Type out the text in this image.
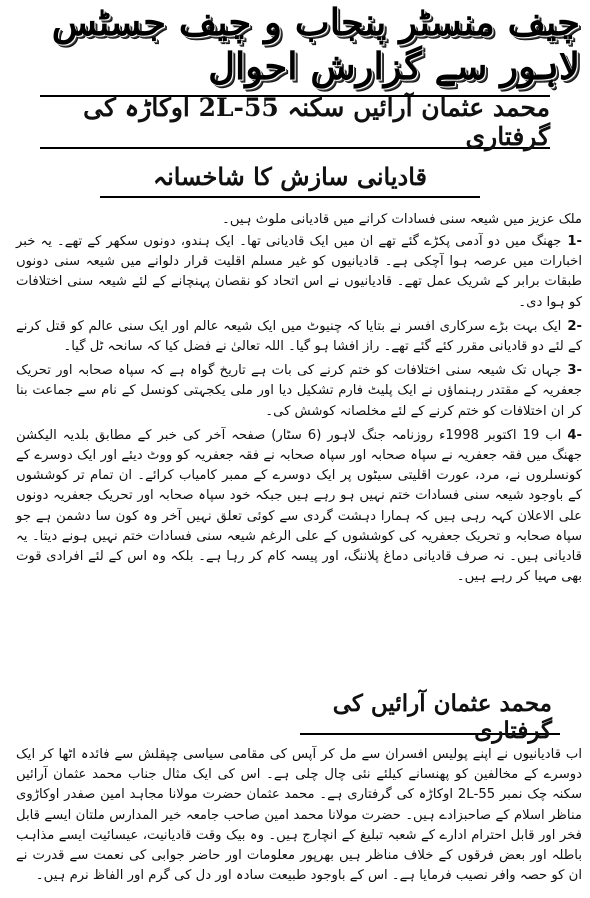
چیف منسٹر پنجاب و چیف جسٹس لاہور سے گزارش احوال
محمد عثمان آرائیں سکنہ 55-2L اوکاڑہ کی گرفتاری
قادیانی سازش کا شاخسانہ

ملک عزیز میں شیعہ سنی فسادات کرانے میں قادیانی ملوث ہیں۔

1-جھنگ میں دو آدمی پکڑے گئے تھے ان میں ایک قادیانی تھا۔ ایک ہندو، دونوں سکھر کے تھے۔ یہ خبر اخبارات میں عرصہ ہوا آچکی ہے۔ قادیانیوں کو غیر مسلم اقلیت قرار دلوانے میں شیعہ سنی دونوں طبقات برابر کے شریک عمل تھے۔ قادیانیوں نے اس اتحاد کو نقصان پہنچانے کے لئے شیعہ سنی اختلافات کو ہوا دی۔
2-ایک بہت بڑے سرکاری افسر نے بتایا کہ چنیوٹ میں ایک شیعہ عالم اور ایک سنی عالم کو قتل کرنے کے لئے دو قادیانی مقرر کئے گئے تھے۔ راز افشا ہو گیا۔ اللہ تعالیٰ نے فضل کیا کہ سانحہ ٹل گیا۔
3-جہاں تک شیعہ سنی اختلافات کو ختم کرنے کی بات ہے تاریخ گواہ ہے کہ سپاہ صحابہ اور تحریک جعفریہ کے مقتدر رہنماؤں نے ایک پلیٹ فارم تشکیل دیا اور ملی یکجہتی کونسل کے نام سے جماعت بنا کر ان اختلافات کو ختم کرنے کے لئے مخلصانہ کوشش کی۔
4-اب 19 اکتوبر 1998ء روزنامہ جنگ لاہور (6 سٹار) صفحہ آخر کی خبر کے مطابق بلدیہ الیکشن جھنگ میں فقہ جعفریہ نے سپاہ صحابہ اور سپاہ صحابہ نے فقہ جعفریہ کو ووٹ دیئے اور ایک دوسرے کے کونسلروں نے، مرد، عورت اقلیتی سیٹوں پر ایک دوسرے کے ممبر کامیاب کرائے۔ ان تمام تر کوششوں کے باوجود شیعہ سنی فسادات ختم نہیں ہو رہے ہیں جبکہ خود سپاہ صحابہ اور تحریک جعفریہ دونوں علی الاعلان کہہ رہی ہیں کہ ہمارا دہشت گردی سے کوئی تعلق نہیں آخر وہ کون سا دشمن ہے جو سپاہ صحابہ و تحریک جعفریہ کی کوششوں کے علی الرغم شیعہ سنی فسادات ختم نہیں ہونے دیتا۔ یہ قادیانی ہیں۔ نہ صرف قادیانی دماغ پلاننگ، اور پیسہ کام کر رہا ہے۔ بلکہ وہ اس کے لئے افرادی قوت بھی مہیا کر رہے ہیں۔
محمد عثمان آرائیں کی گرفتاری

اب قادیانیوں نے اپنے پولیس افسران سے مل کر آپس کی مقامی سیاسی چپقلش سے فائدہ اٹھا کر ایک دوسرے کے مخالفین کو پھنسانے کیلئے نئی چال چلی ہے۔ اس کی ایک مثال جناب محمد عثمان آرائیں سکنہ چک نمبر 55-2L اوکاڑہ کی گرفتاری ہے۔ محمد عثمان حضرت مولانا مجاہد امین صفدر اوکاڑوی مناظر اسلام کے صاحبزادے ہیں۔ حضرت مولانا محمد امین صاحب جامعہ خیر المدارس ملتان ایسے قابل فخر اور قابل احترام ادارے کے شعبہ تبلیغ کے انچارج ہیں۔ وہ بیک وقت قادیانیت، عیسائیت ایسے مذاہب باطلہ اور بعض فرقوں کے خلاف مناظر ہیں بھرپور معلومات اور حاضر جوابی کی نعمت سے قدرت نے ان کو حصہ وافر نصیب فرمایا ہے۔ اس کے باوجود طبیعت سادہ اور دل کی گرم اور الفاظ نرم ہیں۔
